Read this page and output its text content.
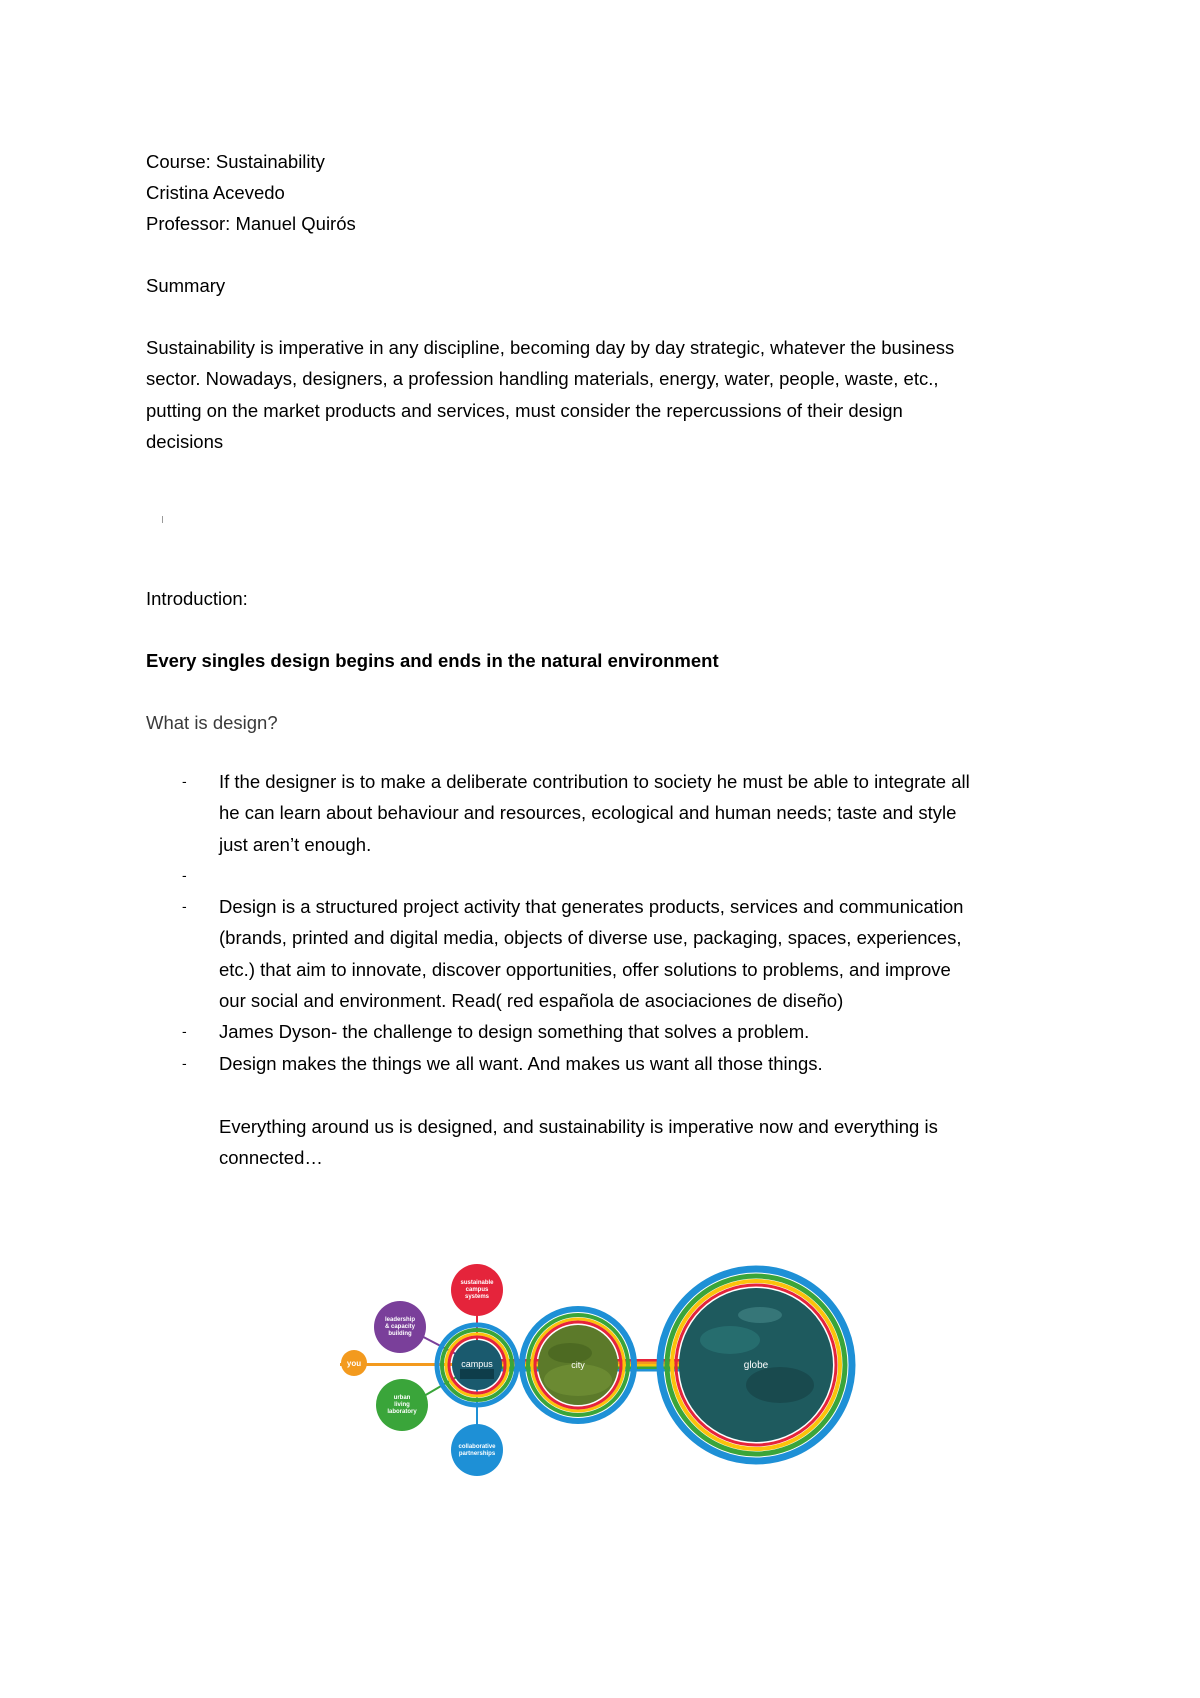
Course: Sustainability
Cristina Acevedo
Professor: Manuel Quirós
Summary
Sustainability is imperative in any discipline, becoming day by day strategic, whatever the business
sector. Nowadays, designers, a profession handling materials, energy, water, people, waste, etc.,
putting on the market products and services, must consider the repercussions of their design
decisions
Introduction:
Every singles design begins and ends in the natural environment
What is design?
- If the designer is to make a deliberate contribution to society he must be able to integrate all
he can learn about behaviour and resources, ecological and human needs; taste and style
just aren’t enough.
-

- Design is a structured project activity that generates products, services and communication
(brands, printed and digital media, objects of diverse use, packaging, spaces, experiences,
etc.) that aim to innovate, discover opportunities, offer solutions to problems, and improve
our social and environment. Read( red española de asociaciones de diseño)
- James Dyson- the challenge to design something that solves a problem.
- Design makes the things we all want. And makes us want all those things.
Everything around us is designed, and sustainability is imperative now and everything is
connected…
you
sustainable
campus
systems
leadership
& capacity
building
urban
living
laboratory
collaborative
partnerships
campus	city	globe
